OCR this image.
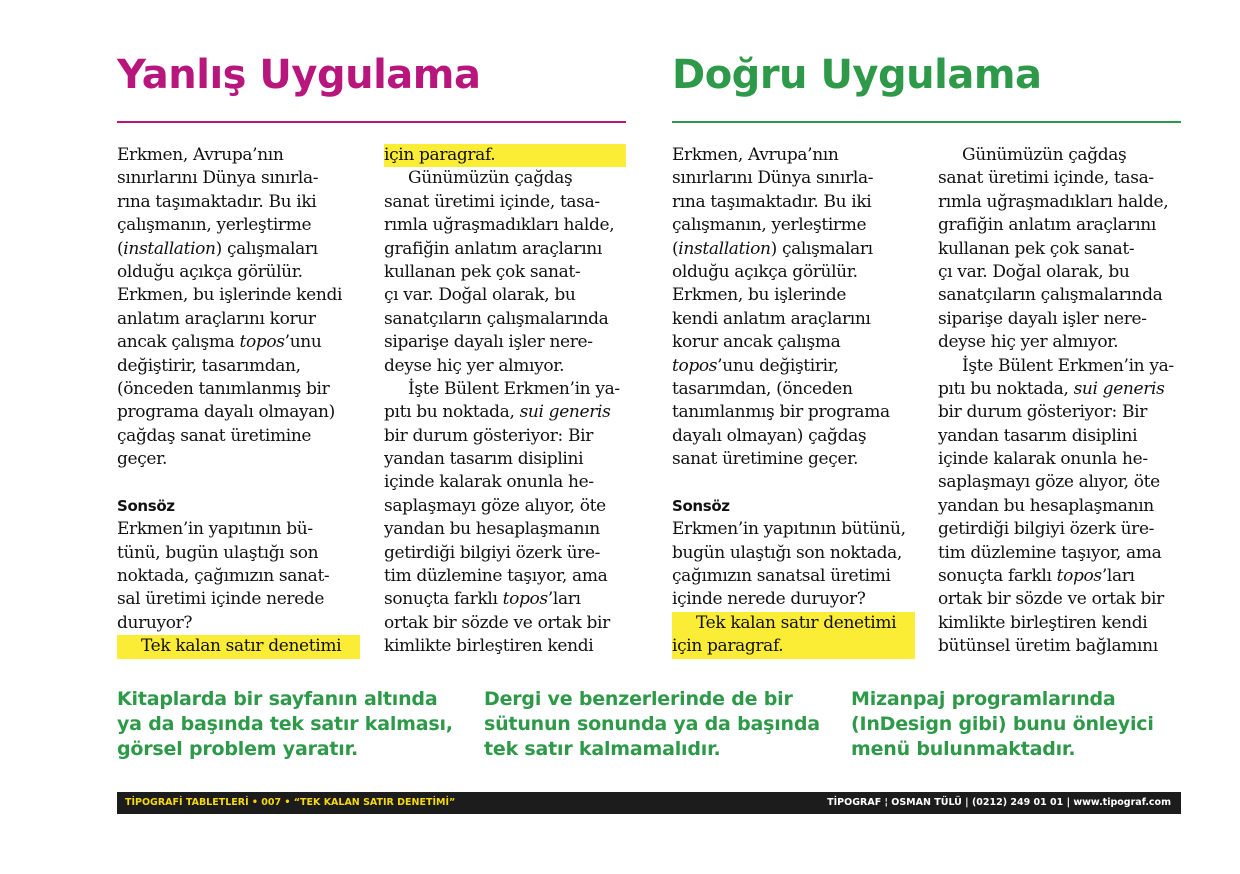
Yanlış Uygulama	Doğru Uygulama
Erkmen, Avrupa’nın
sınırlarını Dünya sınırla-
rına taşımaktadır. Bu iki
çalışmanın, yerleştirme
(installation) çalışmaları
olduğu açıkça görülür.
Erkmen, bu işlerinde kendi
anlatım araçlarını korur
ancak çalışma topos’unu
değiştirir, tasarımdan,
(önceden tanımlanmış bir
programa dayalı olmayan)
çağdaş sanat üretimine
geçer.
Sonsöz
Erkmen’in yapıtının bü-
tünü, bugün ulaştığı son
noktada, çağımızın sanat-
sal üretimi içinde nerede
duruyor?
Tek kalan satır denetimi
için paragraf.
Günümüzün çağdaş
sanat üretimi içinde, tasa-
rımla uğraşmadıkları halde,
grafiğin anlatım araçlarını
kullanan pek çok sanat-
çı var. Doğal olarak, bu
sanatçıların çalışmalarında
siparişe dayalı işler nere-
deyse hiç yer almıyor.
İşte Bülent Erkmen’in ya-
pıtı bu noktada, sui generis
bir durum gösteriyor: Bir
yandan tasarım disiplini
içinde kalarak onunla he-
saplaşmayı göze alıyor, öte
yandan bu hesaplaşmanın
getirdiği bilgiyi özerk üre-
tim düzlemine taşıyor, ama
sonuçta farklı topos’ları
ortak bir sözde ve ortak bir
kimlikte birleştiren kendi
Erkmen, Avrupa’nın
sınırlarını Dünya sınırla-
rına taşımaktadır. Bu iki
çalışmanın, yerleştirme
(installation) çalışmaları
olduğu açıkça görülür.
Erkmen, bu işlerinde
kendi anlatım araçlarını
korur ancak çalışma
topos’unu değiştirir,
tasarımdan, (önceden
tanımlanmış bir programa
dayalı olmayan) çağdaş
sanat üretimine geçer.
Sonsöz
Erkmen’in yapıtının bütünü,
bugün ulaştığı son noktada,
çağımızın sanatsal üretimi
içinde nerede duruyor?
Tek kalan satır denetimi
için paragraf.
Günümüzün çağdaş
sanat üretimi içinde, tasa-
rımla uğraşmadıkları halde,
grafiğin anlatım araçlarını
kullanan pek çok sanat-
çı var. Doğal olarak, bu
sanatçıların çalışmalarında
siparişe dayalı işler nere-
deyse hiç yer almıyor.
İşte Bülent Erkmen’in ya-
pıtı bu noktada, sui generis
bir durum gösteriyor: Bir
yandan tasarım disiplini
içinde kalarak onunla he-
saplaşmayı göze alıyor, öte
yandan bu hesaplaşmanın
getirdiği bilgiyi özerk üre-
tim düzlemine taşıyor, ama
sonuçta farklı topos’ları
ortak bir sözde ve ortak bir
kimlikte birleştiren kendi
bütünsel üretim bağlamını
Kitaplarda bir sayfanın altında
ya da başında tek satır kalması,
görsel problem yaratır.
Dergi ve benzerlerinde de bir
sütunun sonunda ya da başında
tek satır kalmamalıdır.
Mizanpaj programlarında
(InDesign gibi) bunu önleyici
menü bulunmaktadır.
TİPOGRAFİ TABLETLERİ • 007 • “TEK KALAN SATIR DENETİMİ”	TİPOGRAF ¦ OSMAN TÜLÜ | (0212) 249 01 01 | www.tipograf.com
